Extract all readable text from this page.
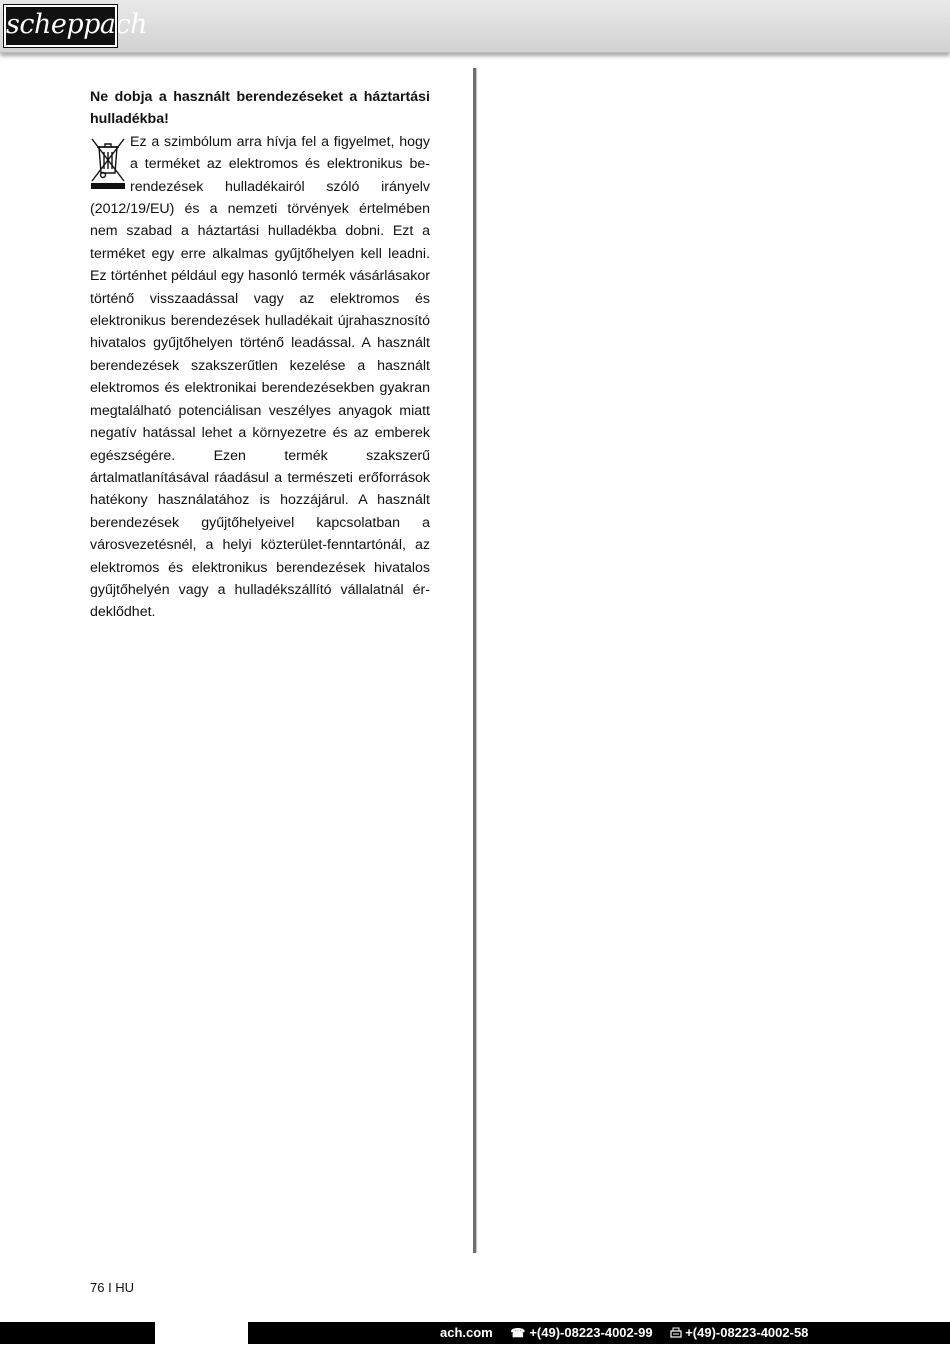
scheppach

Ne dobja a használt berendezéseket a háztartási hulladékba!

Ez a szimbólum arra hívja fel a figyelmet, hogy a terméket az elektromos és elektronikus berendezések hulladékairól szóló irányelv (2012/19/EU) és a nemzeti törvények értelmében nem szabad a háztartási hulladékba dobni. Ezt a terméket egy erre alkalmas gyűjtőhelyen kell leadni. Ez történhet például egy hasonló termék vásárlásakor történő visszaadással vagy az elektromos és elektronikus berendezések hulladékait újrahasznosító hivatalos gyűjtőhelyen történő leadással. A használt berendezések szakszerűtlen kezelése a használt elektromos és elektronikai berendezésekben gyakran megtalálható potenciálisan veszélyes anyagok miatt negatív hatással lehet a környezetre és az emberek egészségére. Ezen termék szakszerű ártalmatlanításával ráadásul a természeti erőforrások hatékony használatához is hozzájárul. A használt berendezések gyűjtőhelyeivel kapcsolatban a városvezetésnél, a helyi közterület-fenntartónál, az elektromos és elektronikus berendezések hivatalos gyűjtőhelyén vagy a hulladékszállító vállalatnál érdeklődhet.

76 I HU
ach.com ☎ +(49)-08223-4002-99	+(49)-08223-4002-58
